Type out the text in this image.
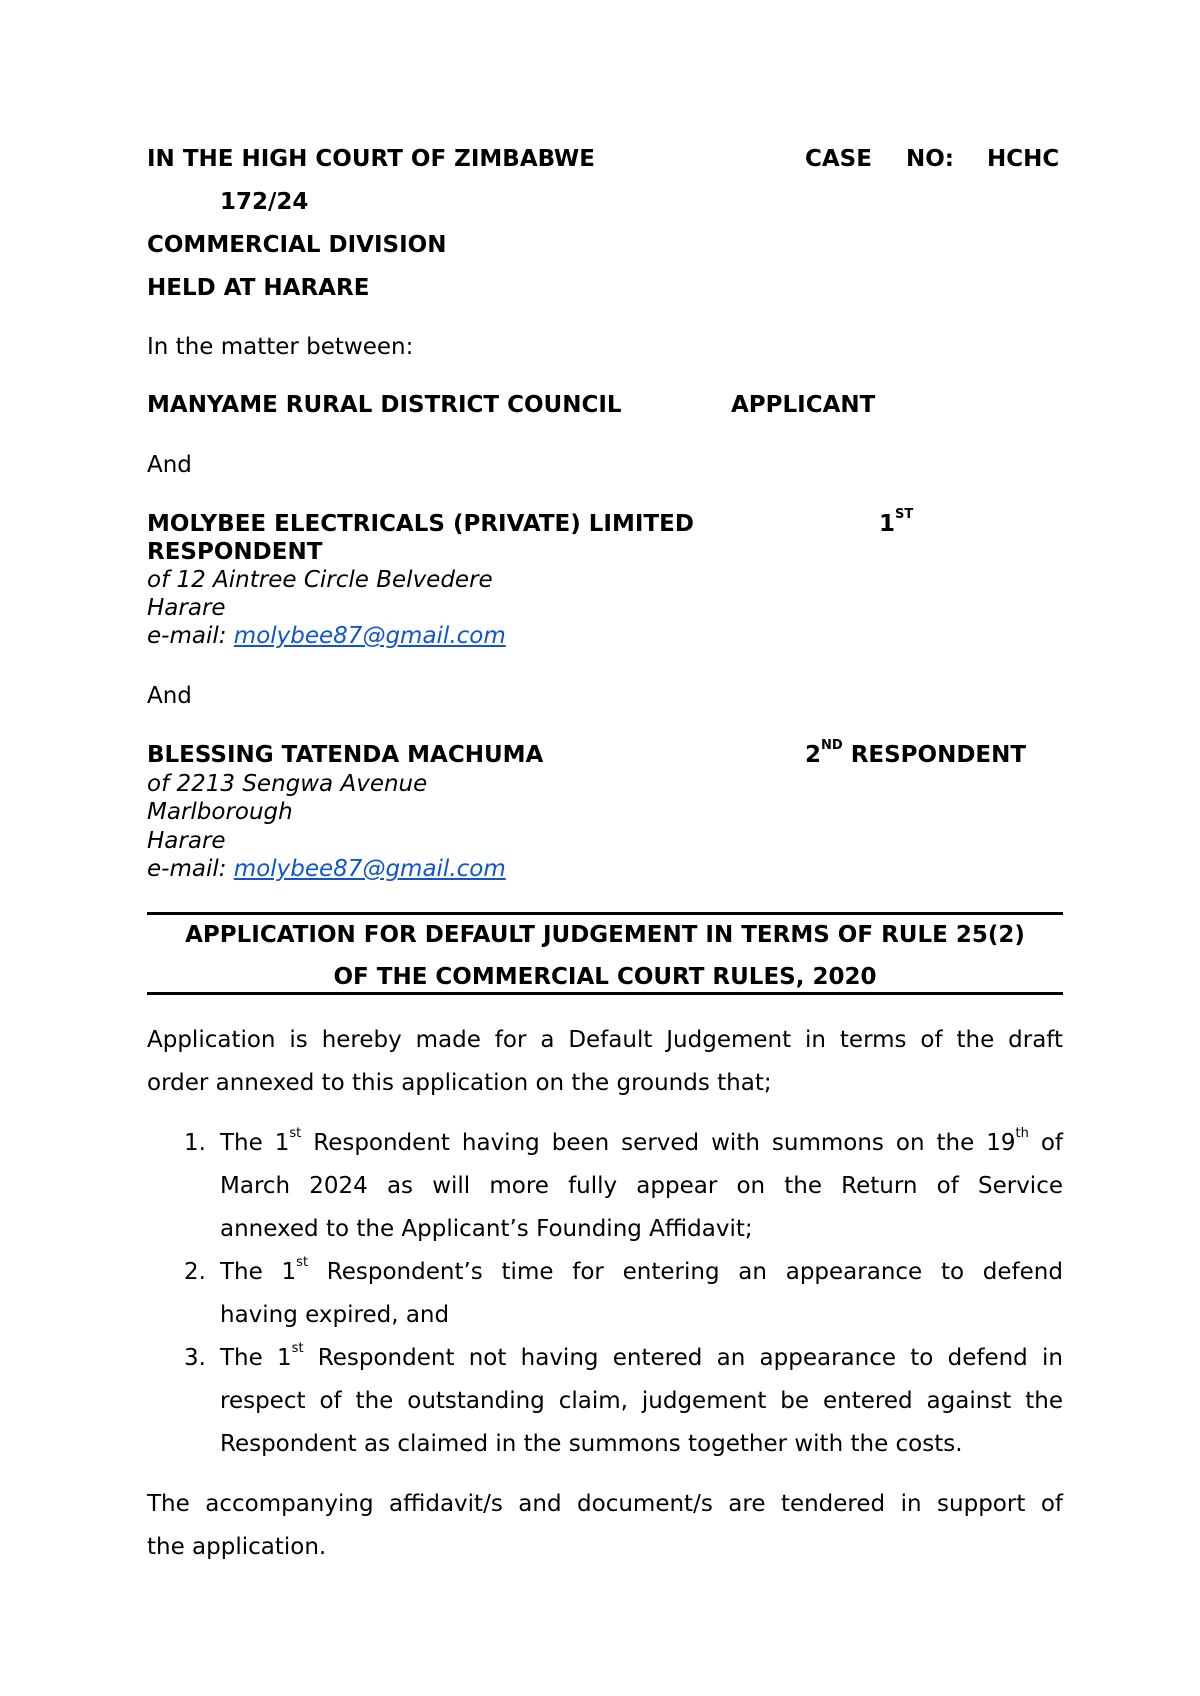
IN THE HIGH COURT OF ZIMBABWE	CASE NO: HCHC
172/24
COMMERCIAL DIVISION
HELD AT HARARE
In the matter between:
MANYAME RURAL DISTRICT COUNCIL	APPLICANT
And
MOLYBEE ELECTRICALS (PRIVATE) LIMITED	1ST
RESPONDENT
of 12 Aintree Circle Belvedere
Harare
e-mail: molybee87@gmail.com
And
BLESSING TATENDA MACHUMA	2ND RESPONDENT
of 2213 Sengwa Avenue
Marlborough
Harare
e-mail: molybee87@gmail.com
APPLICATION FOR DEFAULT JUDGEMENT IN TERMS OF RULE 25(2)
OF THE COMMERCIAL COURT RULES, 2020
Application is hereby made for a Default Judgement in terms of the draft
order annexed to this application on the grounds that;
1. The 1st Respondent having been served with summons on the 19th of
March 2024 as will more fully appear on the Return of Service
annexed to the Applicant’s Founding Affidavit;
2. The 1st Respondent’s time for entering an appearance to defend
having expired, and
3. The 1st Respondent not having entered an appearance to defend in
respect of the outstanding claim, judgement be entered against the
Respondent as claimed in the summons together with the costs.
The accompanying affidavit/s and document/s are tendered in support of
the application.
